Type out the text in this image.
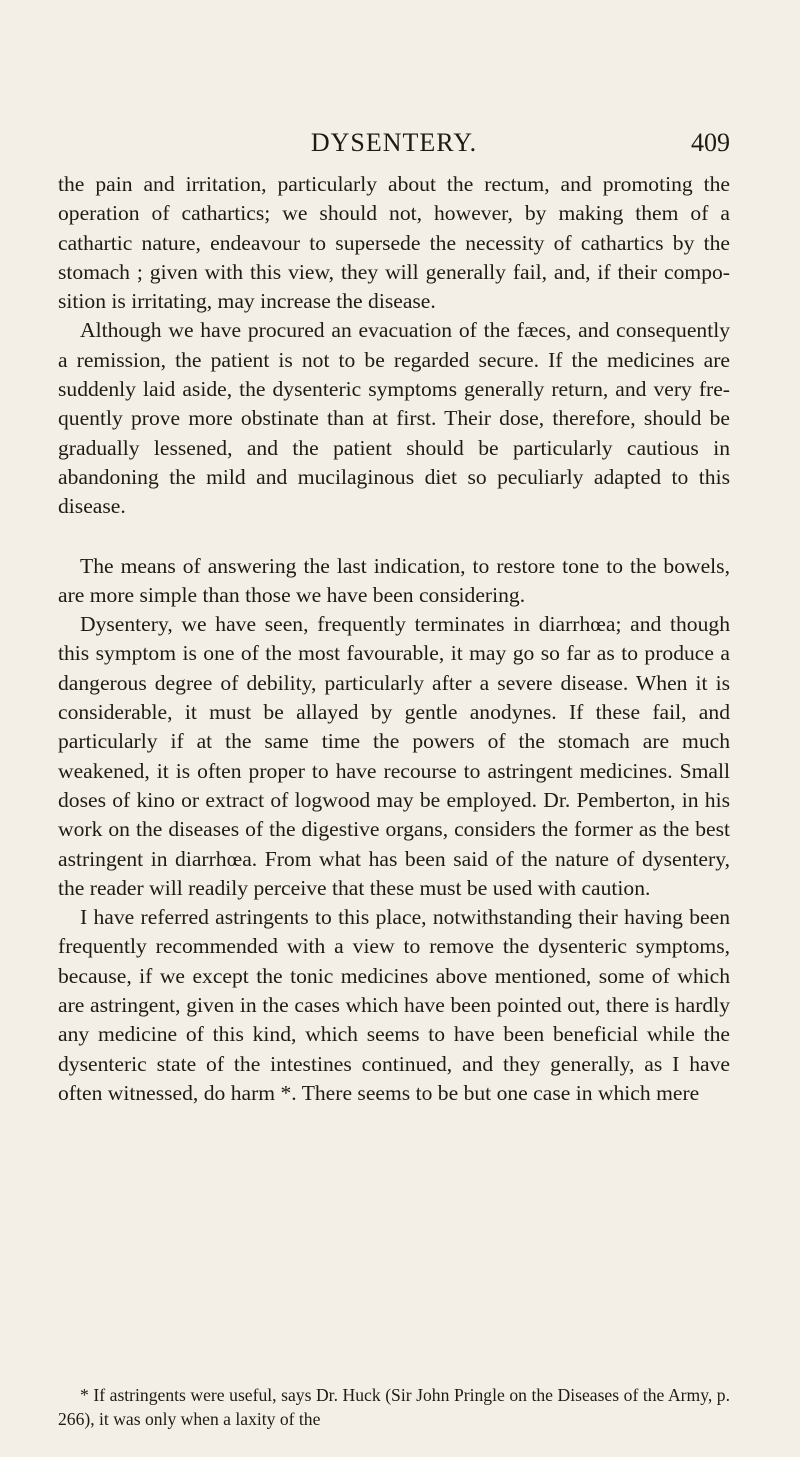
DYSENTERY.	409

the pain and irritation, particularly about the rectum, and promoting the operation of cathartics; we should not, however, by making them of a cathartic nature, endeavour to supersede the necessity of cathartics by the stomach ; given with this view, they will generally fail, and, if their composition is irritating, may increase the disease.

Although we have procured an evacuation of the fæces, and consequently a remission, the patient is not to be regarded secure. If the medicines are suddenly laid aside, the dysenteric symptoms generally return, and very frequently prove more obstinate than at first. Their dose, therefore, should be gradually lessened, and the patient should be particularly cautious in abandoning the mild and mucilaginous diet so peculiarly adapted to this disease.

The means of answering the last indication, to restore tone to the bowels, are more simple than those we have been considering.

Dysentery, we have seen, frequently terminates in diarrhœa; and though this symptom is one of the most favourable, it may go so far as to produce a dangerous degree of debility, particularly after a severe disease. When it is considerable, it must be allayed by gentle anodynes. If these fail, and particularly if at the same time the powers of the stomach are much weakened, it is often proper to have recourse to astringent medicines. Small doses of kino or extract of logwood may be employed. Dr. Pemberton, in his work on the diseases of the digestive organs, considers the former as the best astringent in diarrhœa. From what has been said of the nature of dysentery, the reader will readily perceive that these must be used with caution.

I have referred astringents to this place, notwithstanding their having been frequently recommended with a view to remove the dysenteric symptoms, because, if we except the tonic medicines above mentioned, some of which are astringent, given in the cases which have been pointed out, there is hardly any medicine of this kind, which seems to have been beneficial while the dysenteric state of the intestines continued, and they generally, as I have often witnessed, do harm *. There seems to be but one case in which mere

* If astringents were useful, says Dr. Huck (Sir John Pringle on the Diseases of the Army, p. 266), it was only when a laxity of the
